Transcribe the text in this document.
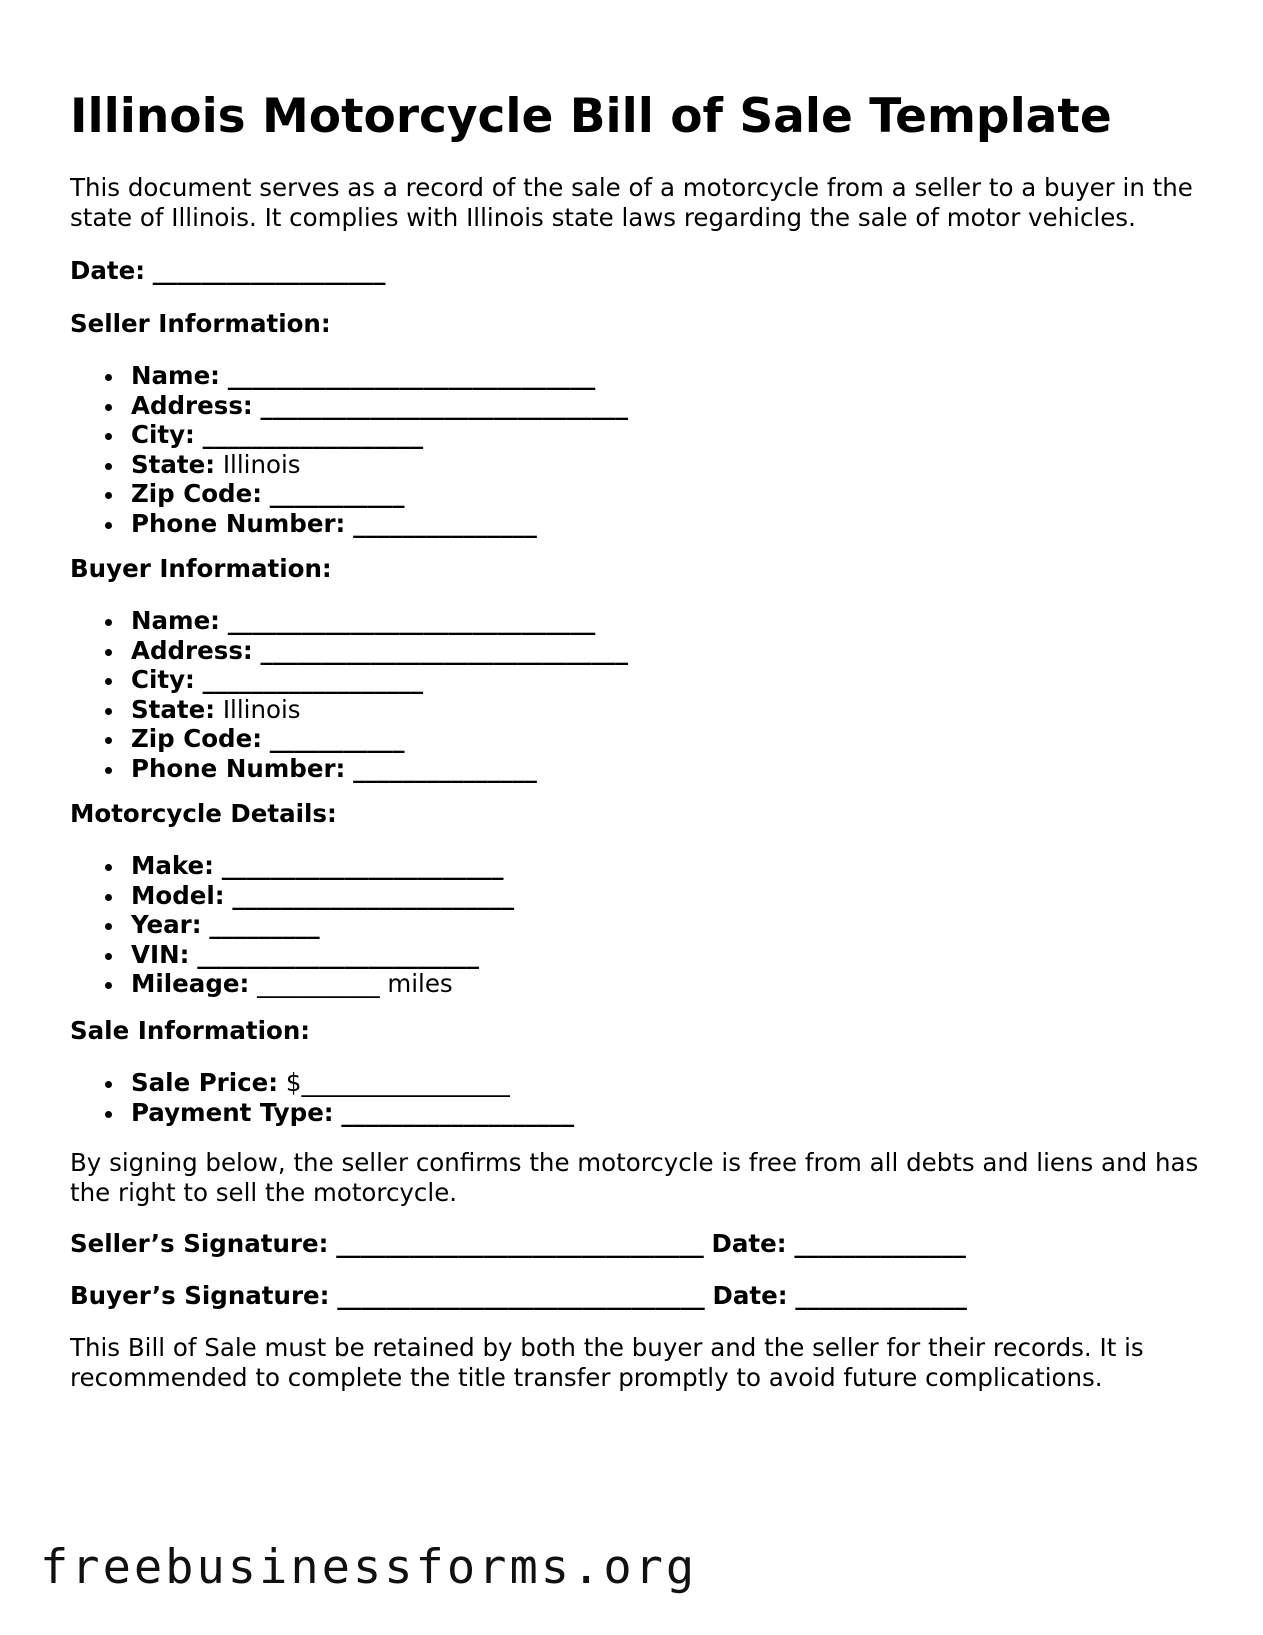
Illinois Motorcycle Bill of Sale Template

This document serves as a record of the sale of a motorcycle from a seller to a buyer in the state of Illinois. It complies with Illinois state laws regarding the sale of motor vehicles.

Date: ___________________

Seller Information:

Name: ______________________________
Address: ______________________________
City: __________________
State: Illinois
Zip Code: ___________
Phone Number: _______________

Buyer Information:

Name: ______________________________
Address: ______________________________
City: __________________
State: Illinois
Zip Code: ___________
Phone Number: _______________

Motorcycle Details:

Make: _______________________
Model: _______________________
Year: _________
VIN: _______________________
Mileage: __________ miles

Sale Information:

Sale Price: $_________________
Payment Type: ___________________

By signing below, the seller confirms the motorcycle is free from all debts and liens and has the right to sell the motorcycle.

Seller’s Signature: ______________________________ Date: ______________

Buyer’s Signature: ______________________________ Date: ______________

This Bill of Sale must be retained by both the buyer and the seller for their records. It is recommended to complete the title transfer promptly to avoid future complications.

freebusinessforms.org
